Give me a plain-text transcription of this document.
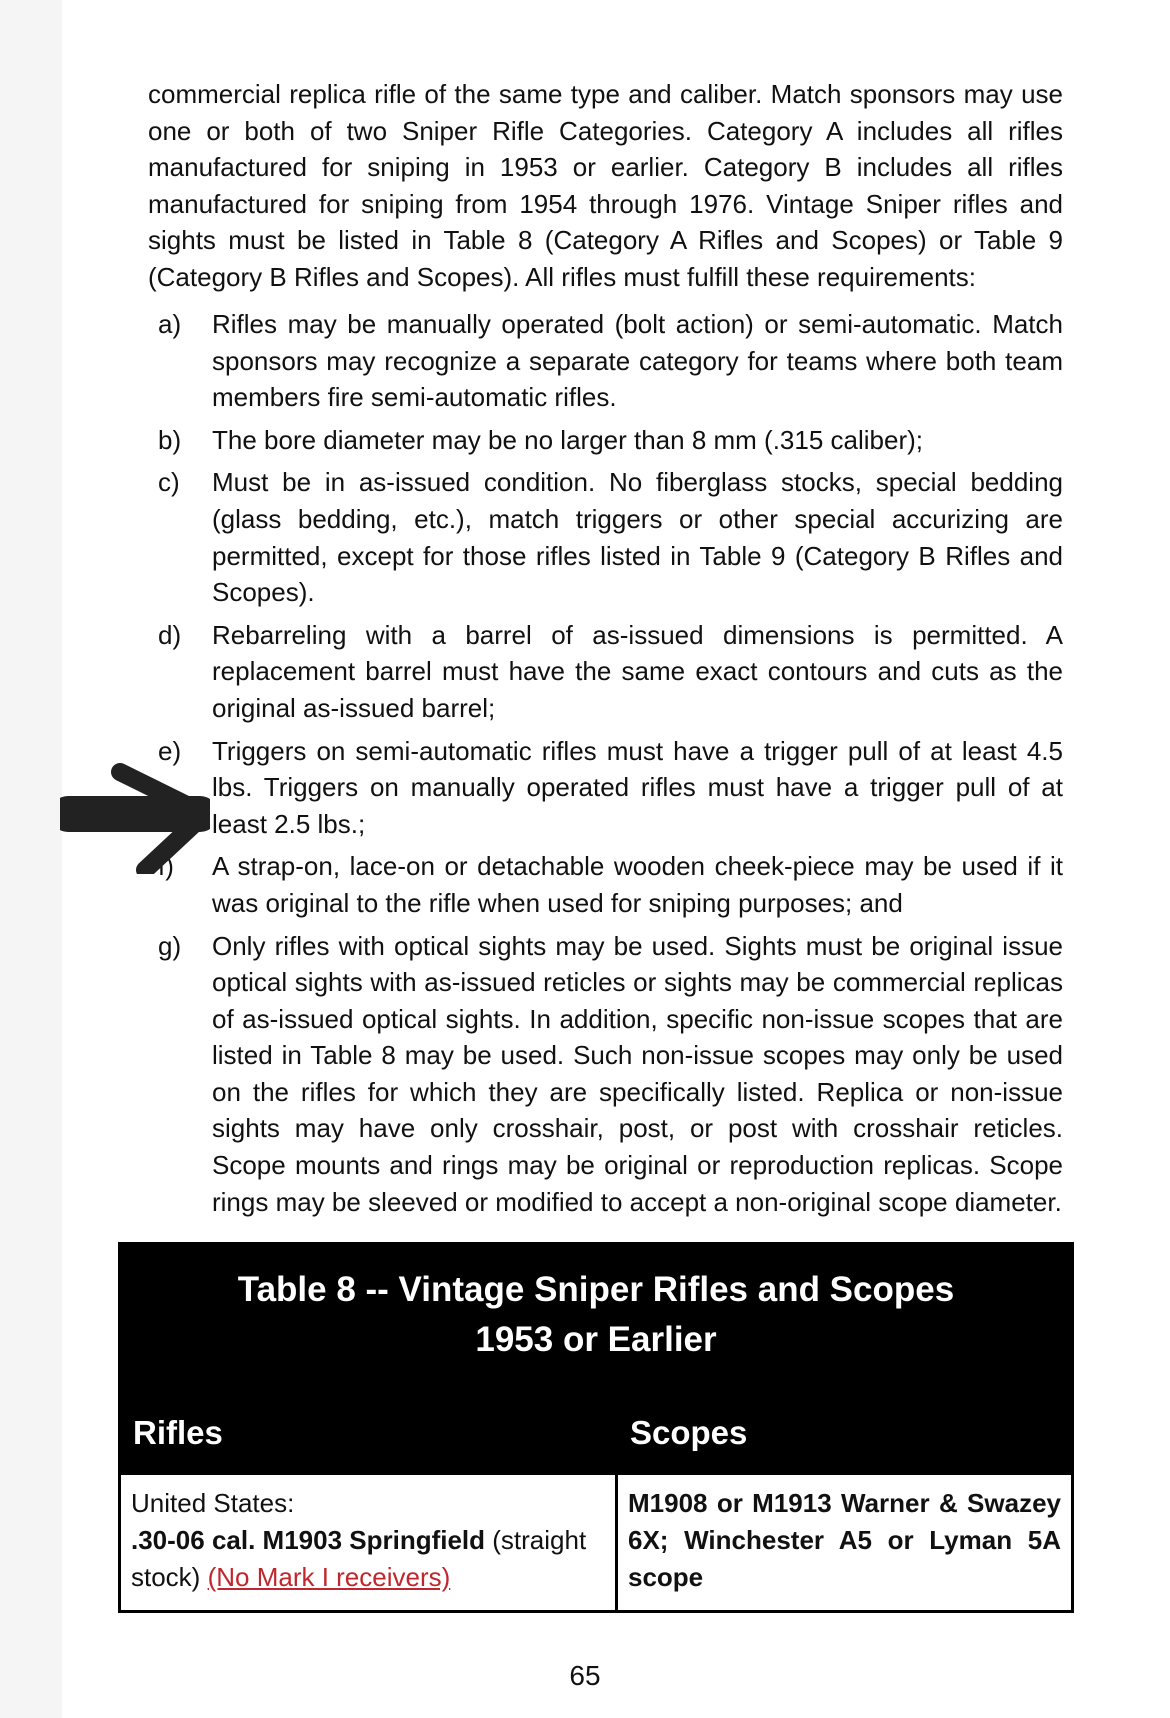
commercial replica rifle of the same type and caliber. Match sponsors may use one or both of two Sniper Rifle Categories. Category A includes all rifles manufactured for sniping in 1953 or earlier. Category B includes all rifles manufactured for sniping from 1954 through 1976. Vintage Sniper rifles and sights must be listed in Table 8 (Category A Rifles and Scopes) or Table 9 (Category B Rifles and Scopes). All rifles must fulfill these requirements:

a) Rifles may be manually operated (bolt action) or semi-automatic. Match sponsors may recognize a separate category for teams where both team members fire semi-automatic rifles.
b) The bore diameter may be no larger than 8 mm (.315 caliber);
c) Must be in as-issued condition. No fiberglass stocks, special bedding (glass bedding, etc.), match triggers or other special accurizing are permitted, except for those rifles listed in Table 9 (Category B Rifles and Scopes).
d) Rebarreling with a barrel of as-issued dimensions is permitted. A replacement barrel must have the same exact contours and cuts as the original as-issued barrel;
e) Triggers on semi-automatic rifles must have a trigger pull of at least 4.5 lbs. Triggers on manually operated rifles must have a trigger pull of at least 2.5 lbs.;
f) A strap-on, lace-on or detachable wooden cheek-piece may be used if it was original to the rifle when used for sniping purposes; and
g) Only rifles with optical sights may be used. Sights must be original issue optical sights with as-issued reticles or sights may be commercial replicas of as-issued optical sights. In addition, specific non-issue scopes that are listed in Table 8 may be used. Such non-issue scopes may only be used on the rifles for which they are specifically listed. Replica or non-issue sights may have only crosshair, post, or post with crosshair reticles. Scope mounts and rings may be original or reproduction replicas. Scope rings may be sleeved or modified to accept a non-original scope diameter.
Table 8 -- Vintage Sniper Rifles and Scopes
1953 or Earlier
Rifles	Scopes
United States:
.30-06 cal. M1903 Springfield (straight stock) (No Mark I receivers)
M1908 or M1913 Warner & Swazey 6X; Winchester A5 or Lyman 5A scope
65
